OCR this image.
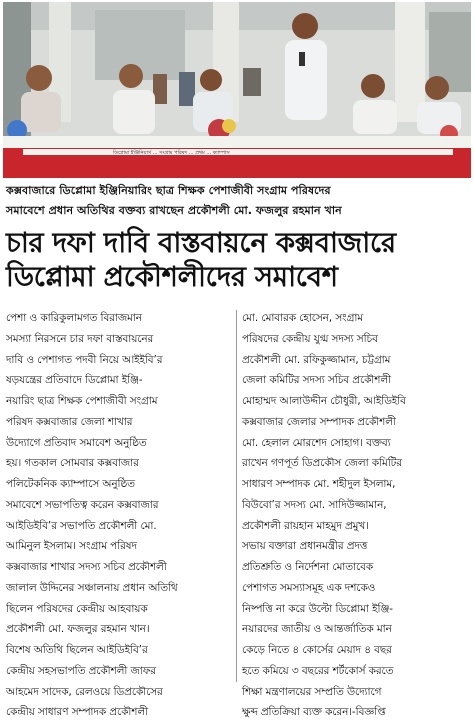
ডিপ্লোমা ইঞ্জিনিয়ার্স ... সংগ্রাম পরিষদ ... প্রথম ... ক্যাম্পাস
কক্সবাজারে ডিপ্লোমা ইঞ্জিনিয়ারিং ছাত্র শিক্ষক পেশাজীবী সংগ্রাম পরিষদের
সমাবেশে প্রধান অতিথির বক্তব্য রাখছেন প্রকৌশলী মো. ফজলুর রহমান খান
চার দফা দাবি বাস্তবায়নে কক্সবাজারে
ডিপ্লোমা প্রকৌশলীদের সমাবেশ
পেশা ও কারিকুলামগত বিরাজমান
সমস্যা নিরসনে চার দফা বাস্তবায়নের
দাবি ও পেশাগত পদবী নিয়ে আইইবি’র
ষড়যন্ত্রের প্রতিবাদে ডিপ্লোমা ইঞ্জি-
নয়ারিং ছাত্র শিক্ষক পেশাজীবী সংগ্রাম
পরিষদ কক্সবাজার জেলা শাখার
উদ্যোগে প্রতিবাদ সমাবেশ অনুষ্ঠিত
হয়। গতকাল সোমবার কক্সবাজার
পলিটেকনিক ক্যাম্পাসে অনুষ্ঠিত
সমাবেশে সভাপতিত্ব করেন কক্সবাজার
আইডিইবি’র সভাপতি প্রকৌশলী মো.
আমিনুল ইসলাম। সংগ্রাম পরিষদ
কক্সবাজার শাখার সদস্য সচিব প্রকৌশলী
জালাল উদ্দিনের সঞ্চালনায় প্রধান অতিথি
ছিলেন পরিষদের কেন্দ্রীয় আহবায়ক
প্রকৌশলী মো. ফজলুর রহমান খান।
বিশেষ অতিথি ছিলেন আইডিইবি’র
কেন্দ্রীয় সহসভাপতি প্রকৌশলী জাফর
আহমেদ সাদেক, রেলওয়ে ডিপ্রকৌসের
কেন্দ্রীয় সাধারণ সম্পাদক প্রকৌশলী
মো. মোবারক হোসেন, সংগ্রাম
পরিষদের কেন্দ্রীয় যুগ্ম সদস্য সচিব
প্রকৌশলী মো. রফিকুজ্জামান, চট্টগ্রাম
জেলা কমিটির সদস্য সচিব প্রকৌশলী
মোহাম্মদ আলাউদ্দীন চৌধুরী, আইডিইবি
কক্সবাজার জেলার সম্পাদক প্রকৌশলী
মো. হেলাল মোরশেদ সোহাগ। বক্তব্য
রাখেন গণপূর্ত ডিপ্রকৌস জেলা কমিটির
সাধারণ সম্পাদক মো. শহীদুল ইসলাম,
বিউবো’র সদস্য মো. সাদিউজ্জামান,
প্রকৌশলী রায়হান মাহমুদ প্রমুখ।
সভায় বক্তারা প্রধানমন্ত্রীর প্রদত্ত
প্রতিশ্রুতি ও নির্দেশনা মোতাবেক
পেশাগত সমস্যাসমূহ এক দশকেও
নিষ্পত্তি না করে উল্টো ডিপ্লোমা ইঞ্জি-
নয়ারদের জাতীয় ও আন্তর্জাতিক মান
কেড়ে নিতে ৪ কোর্সের মেয়াদ ৪ বছর
হতে কমিয়ে ৩ বছরের শর্টকোর্স করতে
শিক্ষা মন্ত্রণালয়ের সম্প্রতি উদ্যোগে
ক্ষুব্দ প্রতিক্রিয়া ব্যক্ত করেন।-বিজ্ঞপ্তি
